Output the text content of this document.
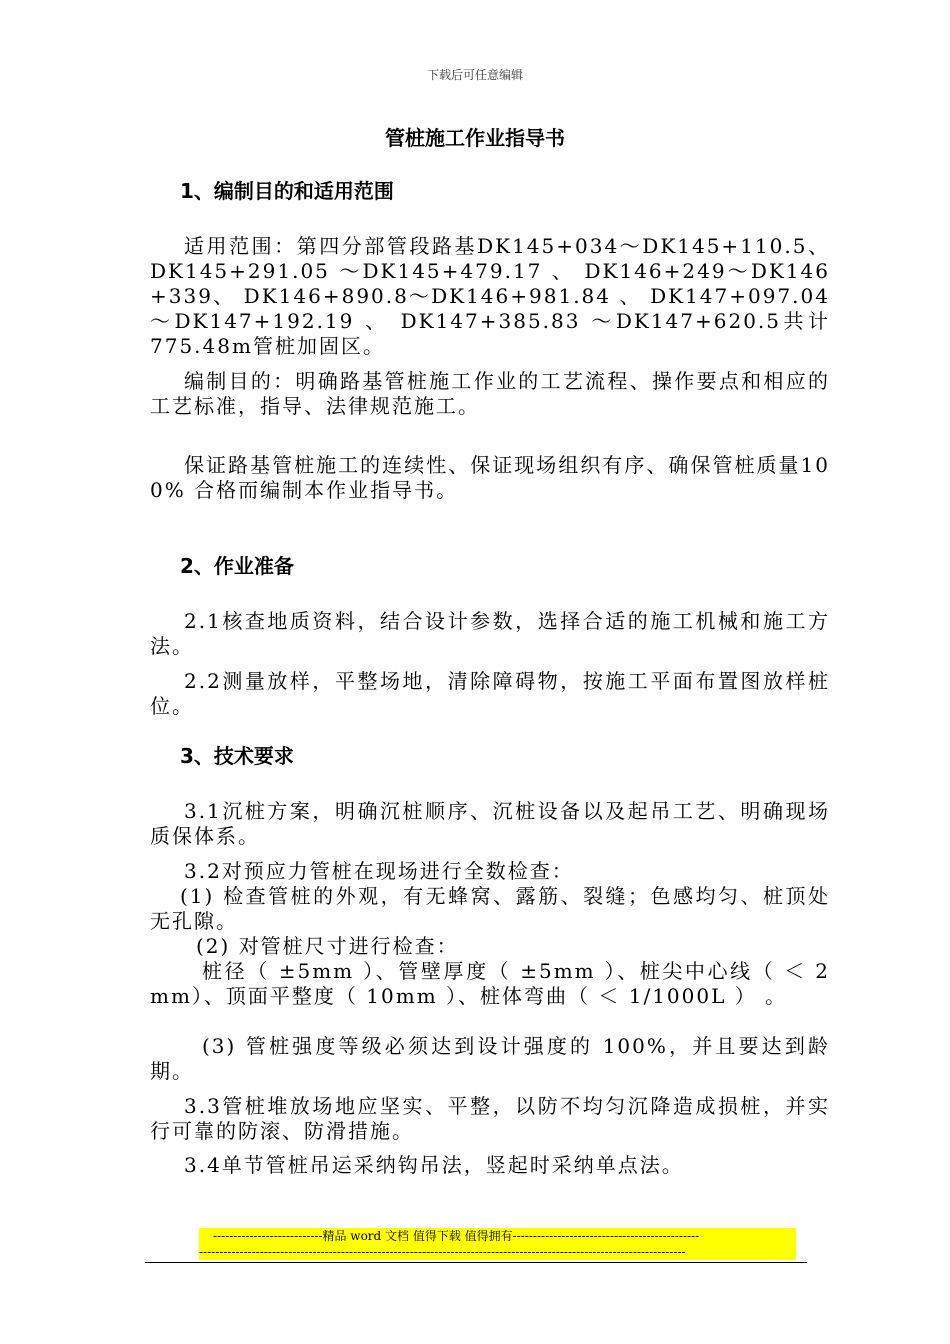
下载后可任意编辑
管桩施工作业指导书
1、编制目的和适用范围
适用范围：第四分部管段路基DK145+034～DK145+110.5、 DK145+291.05 ～DK145+479.17 、 DK146+249～DK146+339、 DK146+890.8～DK146+981.84 、 DK147+097.04 ～DK147+192.19 、 DK147+385.83 ～DK147+620.5共计 775.48m管桩加固区。
编制目的：明确路基管桩施工作业的工艺流程、操作要点和相应的工艺标准，指导、法律规范施工。
保证路基管桩施工的连续性、保证现场组织有序、确保管桩质量100% 合格而编制本作业指导书。
2、作业准备
2.1核查地质资料，结合设计参数，选择合适的施工机械和施工方法。
2.2测量放样，平整场地，清除障碍物，按施工平面布置图放样桩位。
3、技术要求
3.1沉桩方案，明确沉桩顺序、沉桩设备以及起吊工艺、明确现场质保体系。
3.2对预应力管桩在现场进行全数检查：
(1) 检查管桩的外观，有无蜂窝、露筋、裂缝；色感均匀、桩顶处无孔隙。
(2) 对管桩尺寸进行检查：
桩径（ ±5mm ）、管壁厚度（ ±5mm ）、桩尖中心线（ ＜ 2mm）、顶面平整度（ 10mm ）、桩体弯曲（ ＜ 1/1000L ） 。
(3) 管桩强度等级必须达到设计强度的 100%，并且要达到龄期。
3.3管桩堆放场地应坚实、平整，以防不均匀沉降造成损桩，并实行可靠的防滚、防滑措施。
3.4单节管桩吊运采纳钩吊法，竖起时采纳单点法。
---------------------------精品 word 文档 值得下载 值得拥有----------------------------------------------
------------------------------------------------------------------------------------------------------------------------
